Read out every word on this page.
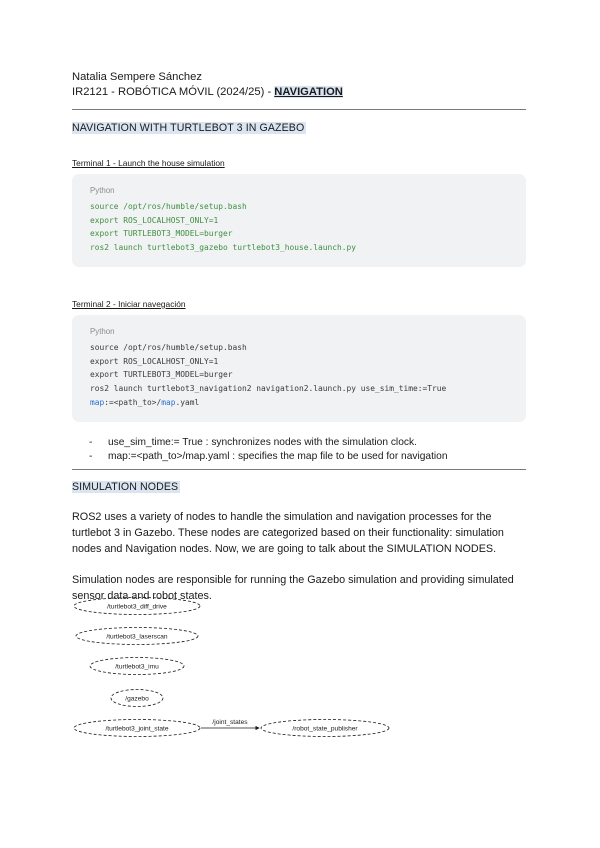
Natalia Sempere Sánchez
IR2121 - ROBÓTICA MÓVIL (2024/25) - NAVIGATION
NAVIGATION WITH TURTLEBOT 3 IN GAZEBO
Terminal 1 - Launch the house simulation
Python
source /opt/ros/humble/setup.bash
export ROS_LOCALHOST_ONLY=1
export TURTLEBOT3_MODEL=burger
ros2 launch turtlebot3_gazebo turtlebot3_house.launch.py
Terminal 2 - Iniciar navegación
Python
source /opt/ros/humble/setup.bash
export ROS_LOCALHOST_ONLY=1
export TURTLEBOT3_MODEL=burger
ros2 launch turtlebot3_navigation2 navigation2.launch.py use_sim_time:=True
map:=<path_to>/map.yaml
- use_sim_time:= True : synchronizes nodes with the simulation clock.
- map:=<path_to>/map.yaml : specifies the map file to be used for navigation
SIMULATION NODES
ROS2 uses a variety of nodes to handle the simulation and navigation processes for the turtlebot 3 in Gazebo. These nodes are categorized based on their functionality: simulation nodes and Navigation nodes. Now, we are going to talk about the SIMULATION NODES.
Simulation nodes are responsible for running the Gazebo simulation and providing simulated sensor data and robot states.
/turtlebot3_diff_drive
/turtlebot3_laserscan
/turtlebot3_imu
/gazebo
/turtlebot3_joint_state
/joint_states
/robot_state_publisher
